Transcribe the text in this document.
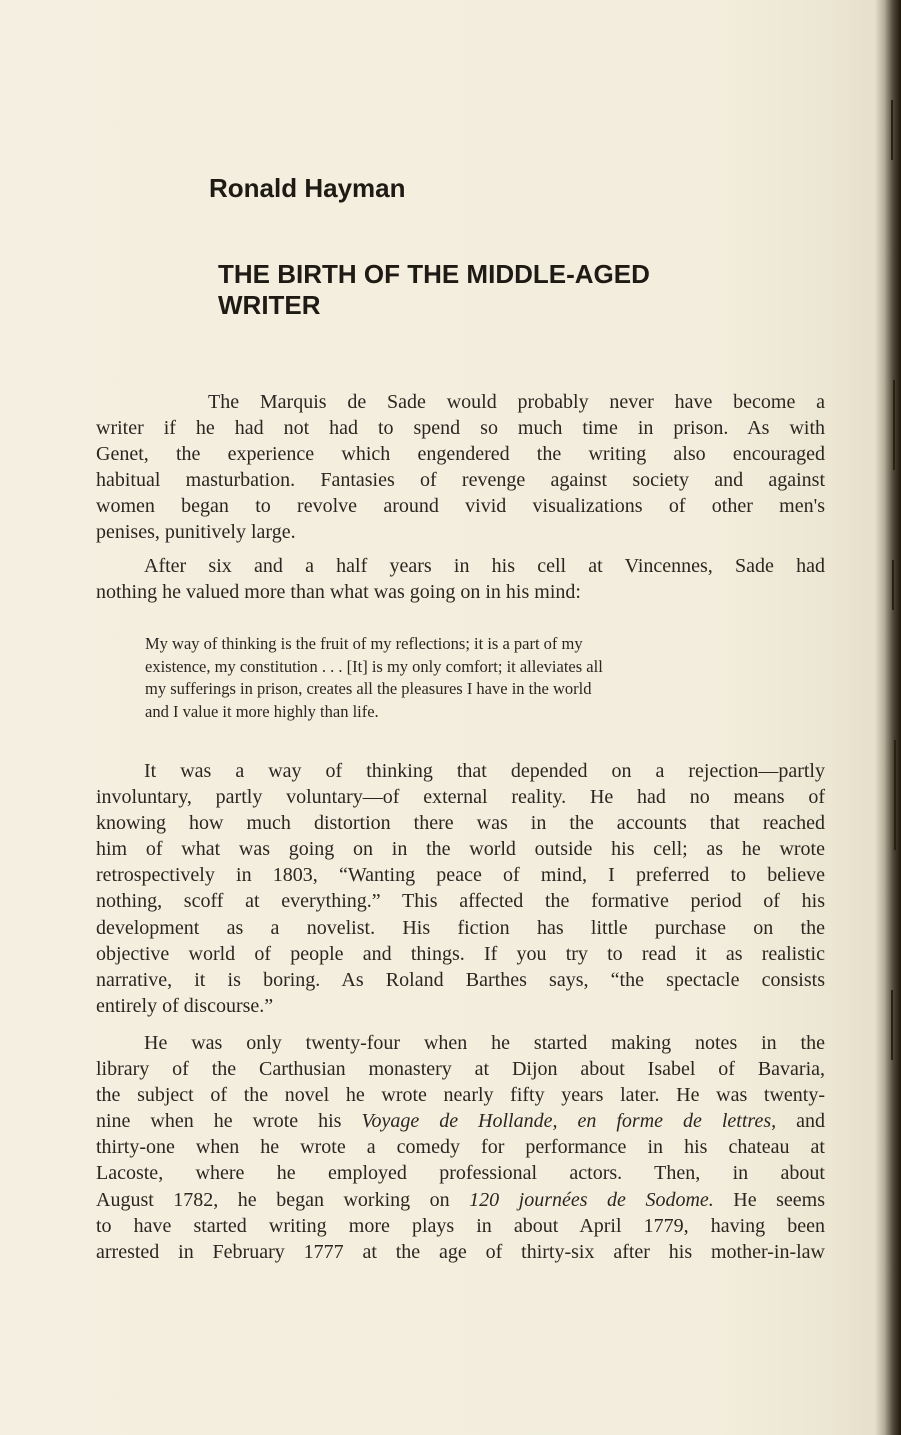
Ronald Hayman
THE BIRTH OF THE MIDDLE-AGED
WRITER
The Marquis de Sade would probably never have become a
writer if he had not had to spend so much time in prison. As with
Genet, the experience which engendered the writing also encouraged
habitual masturbation. Fantasies of revenge against society and against
women began to revolve around vivid visualizations of other men's
penises, punitively large.
After six and a half years in his cell at Vincennes, Sade had
nothing he valued more than what was going on in his mind:
My way of thinking is the fruit of my reflections; it is a part of my
existence, my constitution . . . [It] is my only comfort; it alleviates all
my sufferings in prison, creates all the pleasures I have in the world
and I value it more highly than life.
It was a way of thinking that depended on a rejection—partly
involuntary, partly voluntary—of external reality. He had no means of
knowing how much distortion there was in the accounts that reached
him of what was going on in the world outside his cell; as he wrote
retrospectively in 1803, “Wanting peace of mind, I preferred to believe
nothing, scoff at everything.” This affected the formative period of his
development as a novelist. His fiction has little purchase on the
objective world of people and things. If you try to read it as realistic
narrative, it is boring. As Roland Barthes says, “the spectacle consists
entirely of discourse.”
He was only twenty-four when he started making notes in the
library of the Carthusian monastery at Dijon about Isabel of Bavaria,
the subject of the novel he wrote nearly fifty years later. He was twenty-
nine when he wrote his Voyage de Hollande, en forme de lettres, and
thirty-one when he wrote a comedy for performance in his chateau at
Lacoste, where he employed professional actors. Then, in about
August 1782, he began working on 120 journées de Sodome. He seems
to have started writing more plays in about April 1779, having been
arrested in February 1777 at the age of thirty-six after his mother-in-law
